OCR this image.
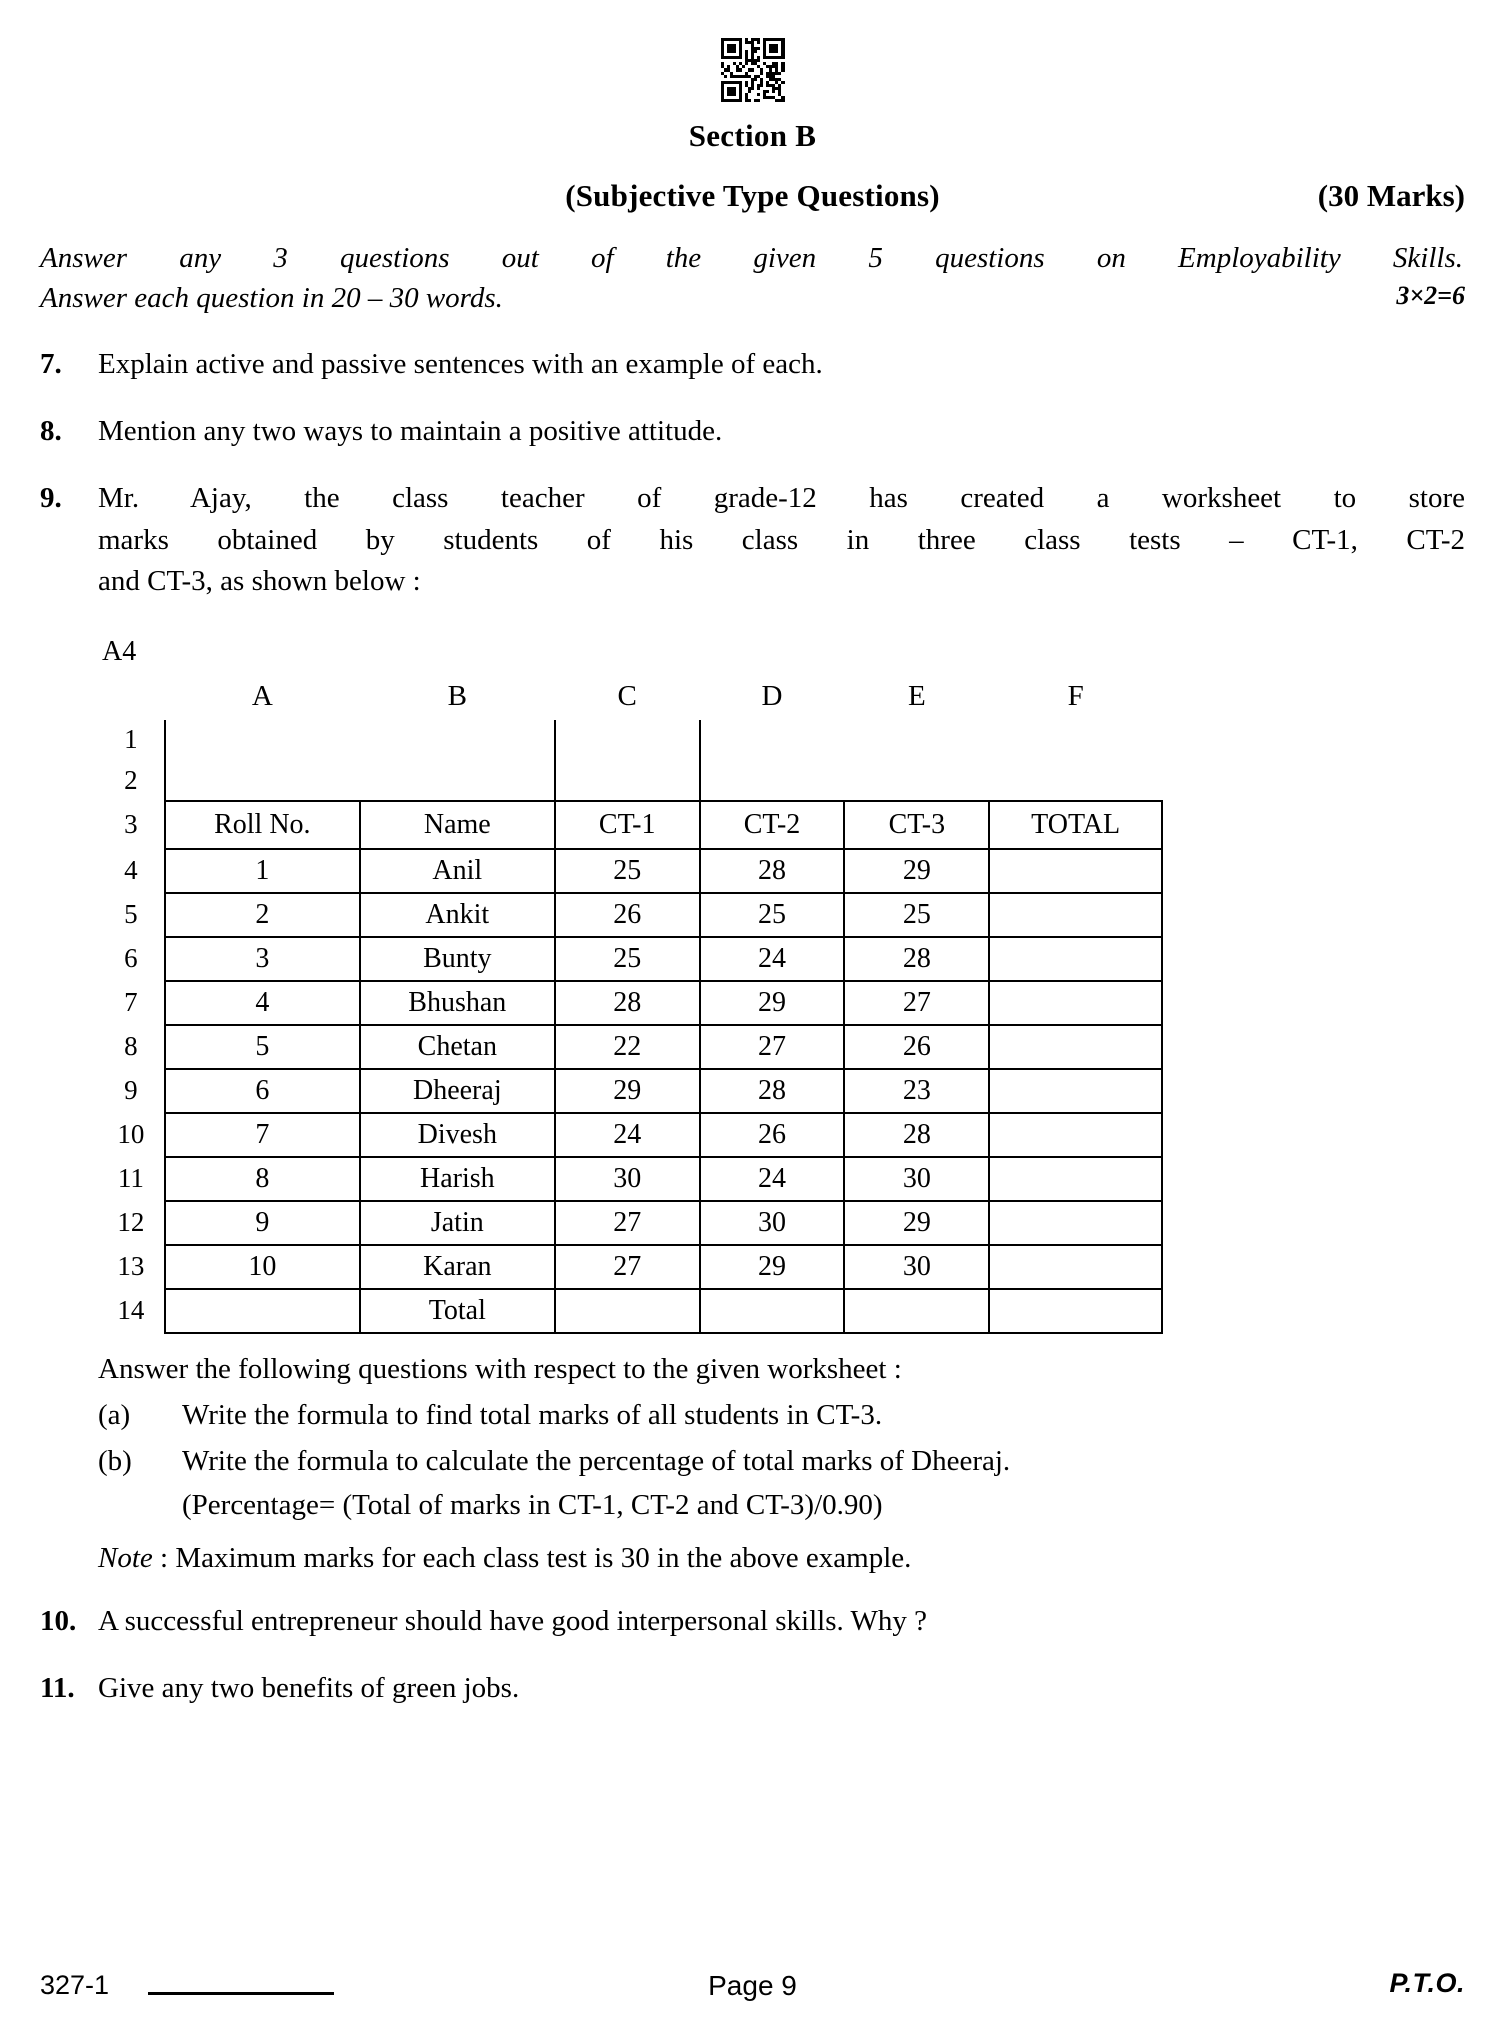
Section B
(Subjective Type Questions)	(30 Marks)
Answer any 3 questions out of the given 5 questions on Employability Skills.
Answer each question in 20 – 30 words.	3×2=6
7.	Explain active and passive sentences with an example of each.

8.	Mention any two ways to maintain a positive attitude.

9.	Mr. Ajay, the class teacher of grade-12 has created a worksheet to store
marks obtained by students of his class in three class tests – CT-1, CT-2
and CT-3, as shown below :
A4
	A	B	C	D	E	F
1						
2						
3	Roll No.	Name	CT-1	CT-2	CT-3	TOTAL
4	1	Anil	25	28	29	
5	2	Ankit	26	25	25	
6	3	Bunty	25	24	28	
7	4	Bhushan	28	29	27	
8	5	Chetan	22	27	26	
9	6	Dheeraj	29	28	23	
10	7	Divesh	24	26	28	
11	8	Harish	30	24	30	
12	9	Jatin	27	30	29	
13	10	Karan	27	29	30	
14		Total				

Answer the following questions with respect to the given worksheet :

(a)	Write the formula to find total marks of all students in CT-3.
(b)	Write the formula to calculate the percentage of total marks of Dheeraj.
(Percentage= (Total of marks in CT-1, CT-2 and CT-3)/0.90)
Note : Maximum marks for each class test is 30 in the above example.
10. A successful entrepreneur should have good interpersonal skills. Why ?

11. Give any two benefits of green jobs.

327-1	Page 9	P.T.O.
